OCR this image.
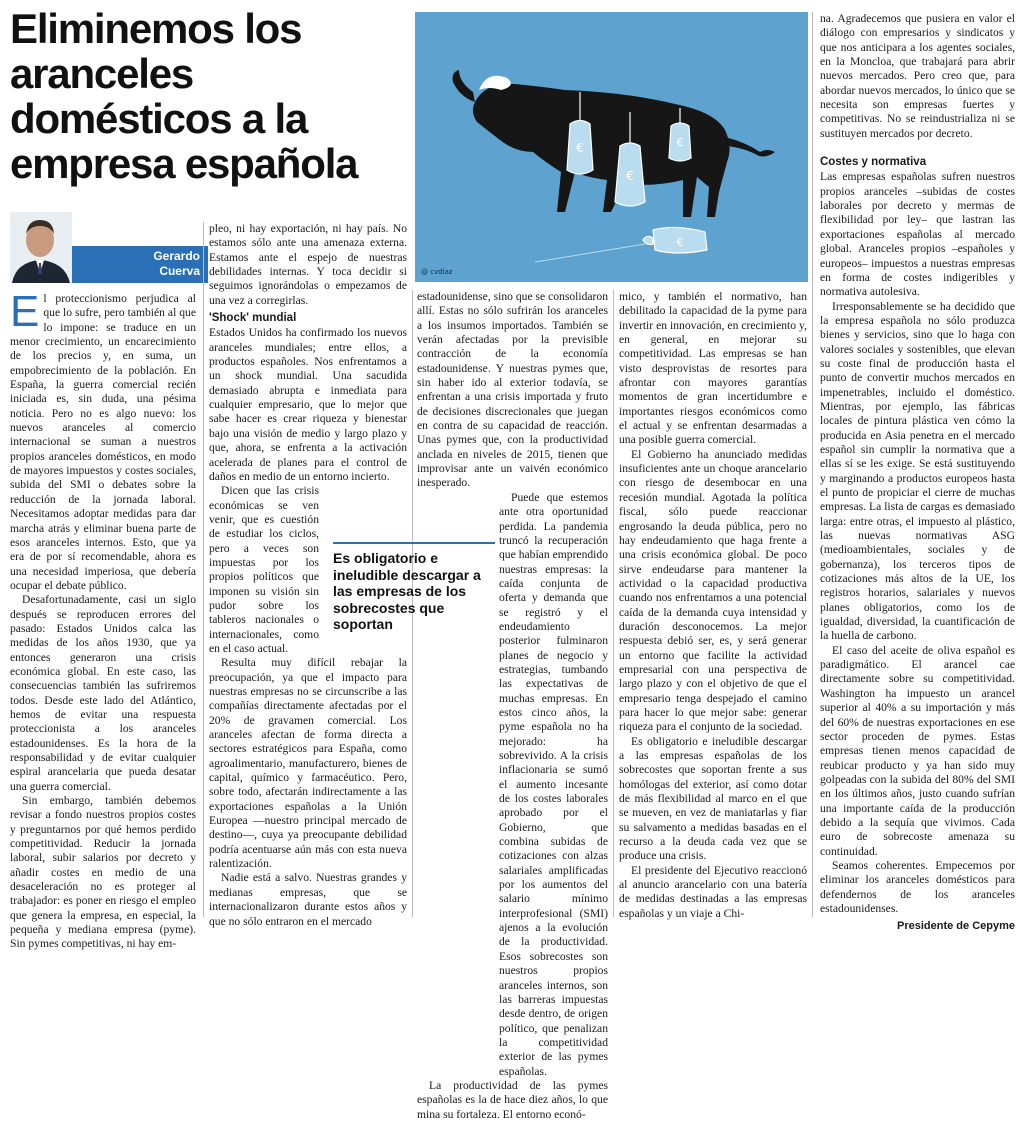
Eliminemos los aranceles domésticos a la empresa española
Gerardo
Cuerva
€
€
€
€
@ cvdiaz

El proteccionismo perjudica al que lo sufre, pero también al que lo impone: se traduce en un menor crecimiento, un encarecimiento de los precios y, en suma, un empobrecimiento de la población. En España, la guerra comercial recién iniciada es, sin duda, una pésima noticia. Pero no es algo nuevo: los nuevos aranceles al comercio internacional se suman a nuestros propios aranceles domésticos, en modo de mayores impuestos y costes sociales, subida del SMI o debates sobre la reducción de la jornada laboral. Necesitamos adoptar medidas para dar marcha atrás y eliminar buena parte de esos aranceles internos. Esto, que ya era de por sí recomendable, ahora es una necesidad imperiosa, que debería ocupar el debate público.

Desafortunadamente, casi un siglo después se reproducen errores del pasado: Estados Unidos calca las medidas de los años 1930, que ya entonces generaron una crisis económica global. En este caso, las consecuencias también las sufriremos todos. Desde este lado del Atlántico, hemos de evitar una respuesta proteccionista a los aranceles estadounidenses. Es la hora de la responsabilidad y de evitar cualquier espiral arancelaria que pueda desatar una guerra comercial.

Sin embargo, también debemos revisar a fondo nuestros propios costes y preguntarnos por qué hemos perdido competitividad. Reducir la jornada laboral, subir salarios por decreto y añadir costes en medio de una desaceleración no es proteger al trabajador: es poner en riesgo el empleo que genera la empresa, en especial, la pequeña y mediana empresa (pyme). Sin pymes competitivas, ni hay em-

pleo, ni hay exportación, ni hay país. No estamos sólo ante una amenaza externa. Estamos ante el espejo de nuestras debilidades internas. Y toca decidir si seguimos ignorándolas o empezamos de una vez a corregirlas.

'Shock' mundial

Estados Unidos ha confirmado los nuevos aranceles mundiales; entre ellos, a productos españoles. Nos enfrentamos a un shock mundial. Una sacudida demasiado abrupta e inmediata para cualquier empresario, que lo mejor que sabe hacer es crear riqueza y bienestar bajo una visión de medio y largo plazo y que, ahora, se enfrenta a la activación acelerada de planes para el control de daños en medio de un entorno incierto.

Dicen que las crisis económicas se ven venir, que es cuestión de estudiar los ciclos, pero a veces son impuestas por los propios políticos que imponen su visión sin pudor sobre los tableros nacionales o internacionales, como en el caso actual.

Resulta muy difícil rebajar la preocupación, ya que el impacto para nuestras empresas no se circunscribe a las compañías directamente afectadas por el 20% de gravamen comercial. Los aranceles afectan de forma directa a sectores estratégicos para España, como agroalimentario, manufacturero, bienes de capital, químico y farmacéutico. Pero, sobre todo, afectarán indirectamente a las exportaciones españolas a la Unión Europea —nuestro principal mercado de destino—, cuya ya preocupante debilidad podría acentuarse aún más con esta nueva ralentización.

Nadie está a salvo. Nuestras grandes y medianas empresas, que se internacionalizaron durante estos años y que no sólo entraron en el mercado

Es obligatorio e ineludible descargar a las empresas de los sobrecostes que soportan

estadounidense, sino que se consolidaron allí. Estas no sólo sufrirán los aranceles a los insumos importados. También se verán afectadas por la previsible contracción de la economía estadounidense. Y nuestras pymes que, sin haber ido al exterior todavía, se enfrentan a una crisis importada y fruto de decisiones discrecionales que juegan en contra de su capacidad de reacción. Unas pymes que, con la productividad anclada en niveles de 2015, tienen que improvisar ante un vaivén económico inesperado.

Puede que estemos ante otra oportunidad perdida. La pandemia truncó la recuperación que habían emprendido nuestras empresas: la caída conjunta de oferta y demanda que se registró y el endeudamiento posterior fulminaron planes de negocio y estrategias, tumbando las expectativas de muchas empresas. En estos cinco años, la pyme española no ha mejorado: ha sobrevivido. A la crisis inflacionaria se sumó el aumento incesante de los costes laborales aprobado por el Gobierno, que combina subidas de cotizaciones con alzas salariales amplificadas por los aumentos del salario mínimo interprofesional (SMI) ajenos a la evolución de la productividad. Esos sobrecostes son nuestros propios aranceles internos, son las barreras impuestas desde dentro, de origen político, que penalizan la competitividad exterior de las pymes españolas.

La productividad de las pymes españolas es la de hace diez años, lo que mina su fortaleza. El entorno econó-

mico, y también el normativo, han debilitado la capacidad de la pyme para invertir en innovación, en crecimiento y, en general, en mejorar su competitividad. Las empresas se han visto desprovistas de resortes para afrontar con mayores garantías momentos de gran incertidumbre e importantes riesgos económicos como el actual y se enfrentan desarmadas a una posible guerra comercial.

El Gobierno ha anunciado medidas insuficientes ante un choque arancelario con riesgo de desembocar en una recesión mundial. Agotada la política fiscal, sólo puede reaccionar engrosando la deuda pública, pero no hay endeudamiento que haga frente a una crisis económica global. De poco sirve endeudarse para mantener la actividad o la capacidad productiva cuando nos enfrentamos a una potencial caída de la demanda cuya intensidad y duración desconocemos. La mejor respuesta debió ser, es, y será generar un entorno que facilite la actividad empresarial con una perspectiva de largo plazo y con el objetivo de que el empresario tenga despejado el camino para hacer lo que mejor sabe: generar riqueza para el conjunto de la sociedad.

Es obligatorio e ineludible descargar a las empresas españolas de los sobrecostes que soportan frente a sus homólogas del exterior, así como dotar de más flexibilidad al marco en el que se mueven, en vez de maniatarlas y fiar su salvamento a medidas basadas en el recurso a la deuda cada vez que se produce una crisis.

El presidente del Ejecutivo reaccionó al anuncio arancelario con una batería de medidas destinadas a las empresas españolas y un viaje a Chi-

na. Agradecemos que pusiera en valor el diálogo con empresarios y sindicatos y que nos anticipara a los agentes sociales, en la Moncloa, que trabajará para abrir nuevos mercados. Pero creo que, para abordar nuevos mercados, lo único que se necesita son empresas fuertes y competitivas. No se reindustrializa ni se sustituyen mercados por decreto.

Costes y normativa

Las empresas españolas sufren nuestros propios aranceles –subidas de costes laborales por decreto y mermas de flexibilidad por ley– que lastran las exportaciones españolas al mercado global. Aranceles propios –españoles y europeos– impuestos a nuestras empresas en forma de costes indigeribles y normativa autolesiva.

Irresponsablemente se ha decidido que la empresa española no sólo produzca bienes y servicios, sino que lo haga con valores sociales y sostenibles, que elevan su coste final de producción hasta el punto de convertir muchos mercados en impenetrables, incluido el doméstico. Mientras, por ejemplo, las fábricas locales de pintura plástica ven cómo la producida en Asia penetra en el mercado español sin cumplir la normativa que a ellas sí se les exige. Se está sustituyendo y marginando a productos europeos hasta el punto de propiciar el cierre de muchas empresas. La lista de cargas es demasiado larga: entre otras, el impuesto al plástico, las nuevas normativas ASG (medioambientales, sociales y de gobernanza), los terceros tipos de cotizaciones más altos de la UE, los registros horarios, salariales y nuevos planes obligatorios, como los de igualdad, diversidad, la cuantificación de la huella de carbono.

El caso del aceite de oliva español es paradigmático. El arancel cae directamente sobre su competitividad. Washington ha impuesto un arancel superior al 40% a su importación y más del 60% de nuestras exportaciones en ese sector proceden de pymes. Estas empresas tienen menos capacidad de reubicar producto y ya han sido muy golpeadas con la subida del 80% del SMI en los últimos años, justo cuando sufrían una importante caída de la producción debido a la sequía que vivimos. Cada euro de sobrecoste amenaza su continuidad.

Seamos coherentes. Empecemos por eliminar los aranceles domésticos para defendernos de los aranceles estadounidenses.

Presidente de Cepyme
